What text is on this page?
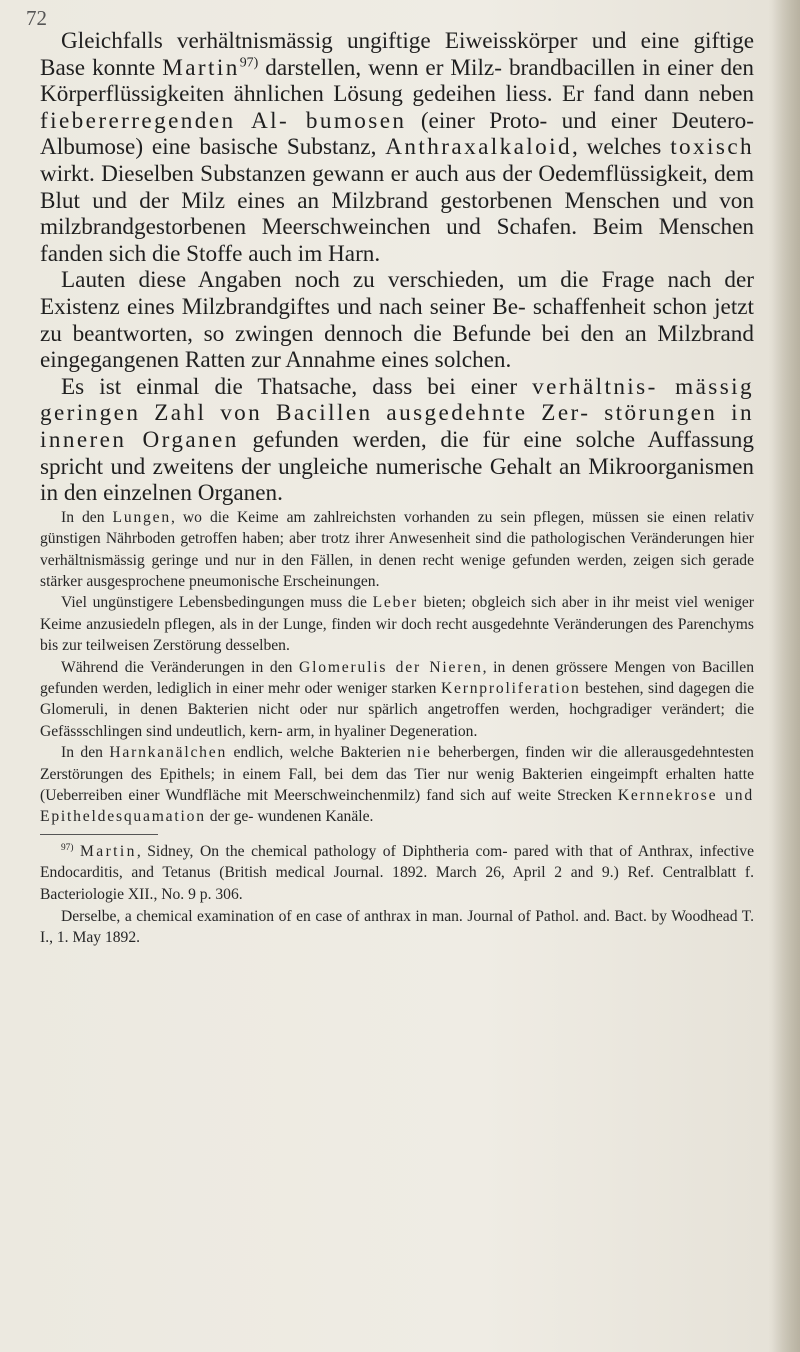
72

Gleichfalls verhältnismässig ungiftige Eiweisskörper und eine giftige Base konnte Martin$^{97)}$ darstellen, wenn er Milz- brandbacillen in einer den Körperflüssigkeiten ähnlichen Lösung gedeihen liess. Er fand dann neben fiebererregenden Al- bumosen (einer Proto- und einer Deutero-Albumose) eine basische Substanz, Anthraxalkaloid, welches toxisch wirkt. Dieselben Substanzen gewann er auch aus der Oedemflüssigkeit, dem Blut und der Milz eines an Milzbrand gestorbenen Menschen und von milzbrandgestorbenen Meerschweinchen und Schafen. Beim Menschen fanden sich die Stoffe auch im Harn.

Lauten diese Angaben noch zu verschieden, um die Frage nach der Existenz eines Milzbrandgiftes und nach seiner Be- schaffenheit schon jetzt zu beantworten, so zwingen dennoch die Befunde bei den an Milzbrand eingegangenen Ratten zur Annahme eines solchen.

Es ist einmal die Thatsache, dass bei einer verhältnis- mässig geringen Zahl von Bacillen ausgedehnte Zer- störungen in inneren Organen gefunden werden, die für eine solche Auffassung spricht und zweitens der ungleiche numerische Gehalt an Mikroorganismen in den einzelnen Organen.

In den Lungen, wo die Keime am zahlreichsten vorhanden zu sein pflegen, müssen sie einen relativ günstigen Nährboden getroffen haben; aber trotz ihrer Anwesenheit sind die pathologischen Veränderungen hier verhältnismässig geringe und nur in den Fällen, in denen recht wenige gefunden werden, zeigen sich gerade stärker ausgesprochene pneumonische Erscheinungen.

Viel ungünstigere Lebensbedingungen muss die Leber bieten; obgleich sich aber in ihr meist viel weniger Keime anzusiedeln pflegen, als in der Lunge, finden wir doch recht ausgedehnte Veränderungen des Parenchyms bis zur teilweisen Zerstörung desselben.

Während die Veränderungen in den Glomerulis der Nieren, in denen grössere Mengen von Bacillen gefunden werden, lediglich in einer mehr oder weniger starken Kernproliferation bestehen, sind dagegen die Glomeruli, in denen Bakterien nicht oder nur spärlich angetroffen werden, hochgradiger verändert; die Gefässschlingen sind undeutlich, kern- arm, in hyaliner Degeneration.

In den Harnkanälchen endlich, welche Bakterien nie beherbergen, finden wir die allerausgedehntesten Zerstörungen des Epithels; in einem Fall, bei dem das Tier nur wenig Bakterien eingeimpft erhalten hatte (Ueberreiben einer Wundfläche mit Meerschweinchenmilz) fand sich auf weite Strecken Kernnekrose und Epitheldesquamation der ge- wundenen Kanäle.

$^{97)}$ Martin, Sidney, On the chemical pathology of Diphtheria com- pared with that of Anthrax, infective Endocarditis, and Tetanus (British medical Journal. 1892. March 26, April 2 and 9.) Ref. Centralblatt f. Bacteriologie XII., No. 9 p. 306.

Derselbe, a chemical examination of en case of anthrax in man. Journal of Pathol. and. Bact. by Woodhead T. I., 1. May 1892.
